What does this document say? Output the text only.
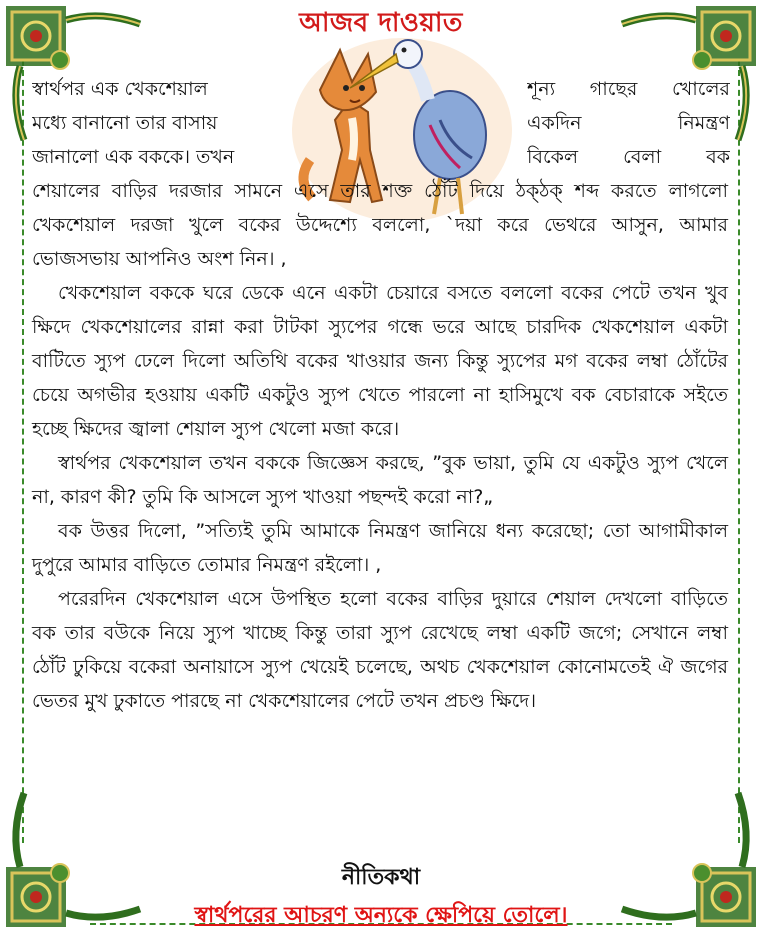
আজব দাওয়াত
স্বার্থপর এক খেকশেয়াল
মধ্যে বানানো তার বাসায়
জানালো এক বককে। তখন
শূন্য গাছের খোলের
একদিন	নিমন্ত্রণ
বিকেল বেলা বক

শেয়ালের বাড়ির দরজার সামনে এসে তার শক্ত ঠোঁট দিয়ে ঠক্‌ঠক্ শব্দ করতে লাগলো খেকশেয়াল দরজা খুলে বকের উদ্দেশ্যে বললো, `দয়া করে ভেথরে আসুন, আমার ভোজসভায় আপনিও অংশ নিন। ,

খেকশেয়াল বককে ঘরে ডেকে এনে একটা চেয়ারে বসতে বললো বকের পেটে তখন খুব ক্ষিদে খেকশেয়ালের রান্না করা টাটকা স্যুপের গন্ধে ভরে আছে চারদিক খেকশেয়াল একটা বাটিতে স্যুপ ঢেলে দিলো অতিথি বকের খাওয়ার জন্য কিন্তু স্যুপের মগ বকের লম্বা ঠোঁটের চেয়ে অগভীর হওয়ায় একটি একটুও স্যুপ খেতে পারলো না হাসিমুখে বক বেচারাকে সইতে হচ্ছে ক্ষিদের জ্বালা শেয়াল স্যুপ খেলো মজা করে।

স্বার্থপর খেকশেয়াল তখন বককে জিজ্ঞেস করছে, ”বুক ভায়া, তুমি যে একটুও স্যুপ খেলে না, কারণ কী? তুমি কি আসলে স্যুপ খাওয়া পছন্দই করো না?„

বক উত্তর দিলো, ”সত্যিই তুমি আমাকে নিমন্ত্রণ জানিয়ে ধন্য করেছো; তো আগামীকাল দুপুরে আমার বাড়িতে তোমার নিমন্ত্রণ রইলো। ,

পরেরদিন খেকশেয়াল এসে উপস্থিত হলো বকের বাড়ির দুয়ারে শেয়াল দেখলো বাড়িতে বক তার বউকে নিয়ে স্যুপ খাচ্ছে কিন্তু তারা স্যুপ রেখেছে লম্বা একটি জগে; সেখানে লম্বা ঠোঁট ঢুকিয়ে বকেরা অনায়াসে স্যুপ খেয়েই চলেছে, অথচ খেকশেয়াল কোনোমতেই ঐ জগের ভেতর মুখ ঢুকাতে পারছে না খেকশেয়ালের পেটে তখন প্রচণ্ড ক্ষিদে।

নীতিকথা
স্বার্থপরের আচরণ অন্যকে ক্ষেপিয়ে তোলে।
